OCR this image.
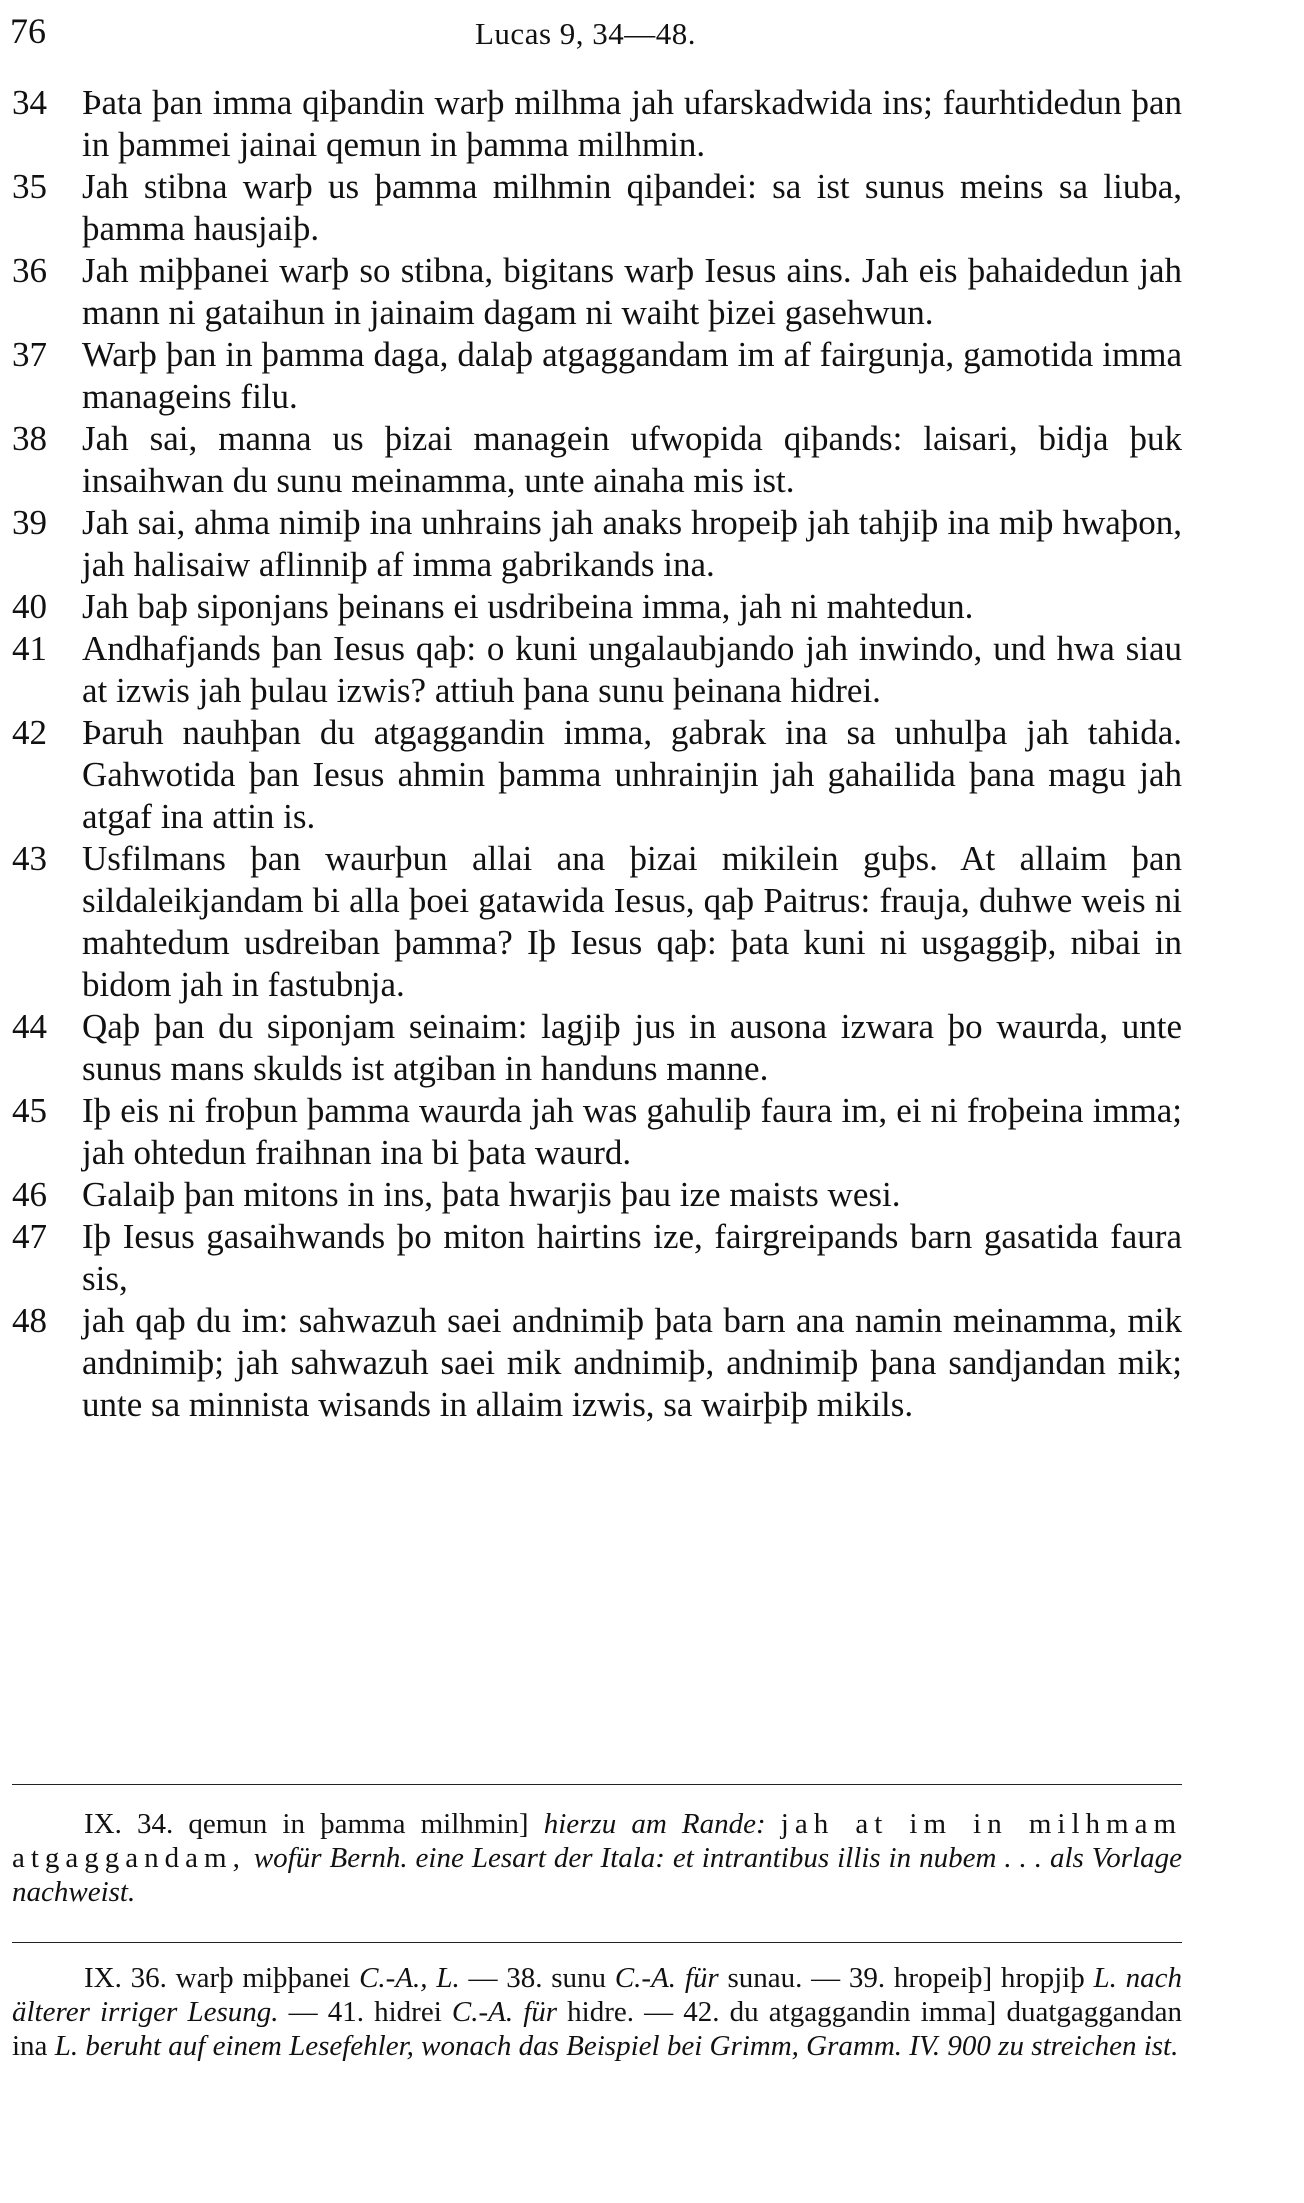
76	Lucas 9, 34—48.
34	Þata þan imma qiþandin warþ milhma jah ufarskadwida ins; faurhtidedun þan in þammei jainai qemun in þamma milhmin.
35	Jah stibna warþ us þamma milhmin qiþandei: sa ist sunus meins sa liuba, þamma hausjaiþ.
36	Jah miþþanei warþ so stibna, bigitans warþ Iesus ains. Jah eis þahaidedun jah mann ni gataihun in jainaim dagam ni waiht þizei gasehwun.
37	Warþ þan in þamma daga, dalaþ atgaggandam im af fairgunja, gamotida imma manageins filu.
38	Jah sai, manna us þizai managein ufwopida qiþands: laisari, bidja þuk insaihwan du sunu meinamma, unte ainaha mis ist.
39	Jah sai, ahma nimiþ ina unhrains jah anaks hropeiþ jah tahjiþ ina miþ hwaþon, jah halisaiw aflinniþ af imma gabrikands ina.
40	Jah baþ siponjans þeinans ei usdribeina imma, jah ni mahtedun.
41	Andhafjands þan Iesus qaþ: o kuni ungalaubjando jah inwindo, und hwa siau at izwis jah þulau izwis? attiuh þana sunu þeinana hidrei.
42	Þaruh nauhþan du atgaggandin imma, gabrak ina sa unhulþa jah tahida. Gahwotida þan Iesus ahmin þamma unhrainjin jah gahailida þana magu jah atgaf ina attin is.
43	Usfilmans þan waurþun allai ana þizai mikilein guþs. At allaim þan sildaleikjandam bi alla þoei gatawida Iesus, qaþ Paitrus: frauja, duhwe weis ni mahtedum usdreiban þamma? Iþ Iesus qaþ: þata kuni ni usgaggiþ, nibai in bidom jah in fastubnja.
44	Qaþ þan du siponjam seinaim: lagjiþ jus in ausona izwara þo waurda, unte sunus mans skulds ist atgiban in handuns manne.
45	Iþ eis ni froþun þamma waurda jah was gahuliþ faura im, ei ni froþeina imma; jah ohtedun fraihnan ina bi þata waurd.
46	Galaiþ þan mitons in ins, þata hwarjis þau ize maists wesi.
47	Iþ Iesus gasaihwands þo miton hairtins ize, fairgreipands barn gasatida faura sis,
48	jah qaþ du im: sahwazuh saei andnimiþ þata barn ana namin meinamma, mik andnimiþ; jah sahwazuh saei mik andnimiþ, andnimiþ þana sandjandan mik; unte sa minnista wisands in allaim izwis, sa wairþiþ mikils.
IX. 34. qemun in þamma milhmin] hierzu am Rande: jah at im in milhmam atgaggandam, wofür Bernh. eine Lesart der Itala: et intrantibus illis in nubem . . . als Vorlage nachweist.
IX. 36. warþ miþþanei C.-A., L. — 38. sunu C.-A. für sunau. — 39. hropeiþ] hropjiþ L. nach älterer irriger Lesung. — 41. hidrei C.-A. für hidre. — 42. du atgaggandin imma] duatgaggandan ina L. beruht auf einem Lesefehler, wonach das Beispiel bei Grimm, Gramm. IV. 900 zu streichen ist.
